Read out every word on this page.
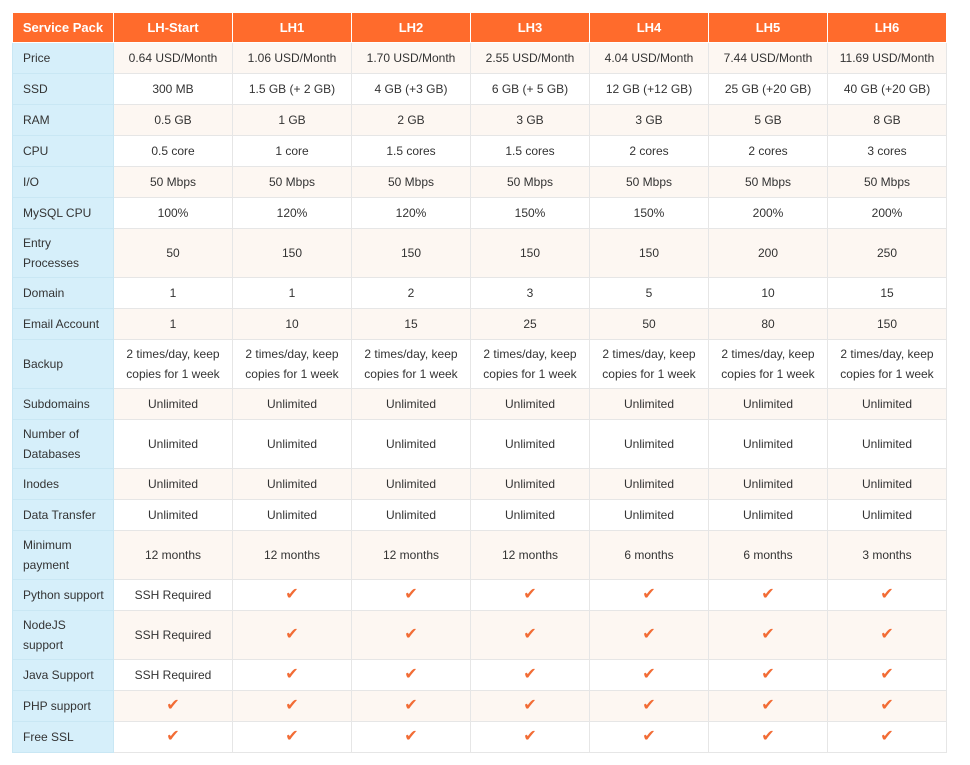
Service Pack	LH-Start	LH1	LH2	LH3	LH4	LH5	LH6
Price	0.64 USD/Month	1.06 USD/Month	1.70 USD/Month	2.55 USD/Month	4.04 USD/Month	7.44 USD/Month	11.69 USD/Month
SSD	300 MB	1.5 GB (+ 2 GB)	4 GB (+3 GB)	6 GB (+ 5 GB)	12 GB (+12 GB)	25 GB (+20 GB)	40 GB (+20 GB)
RAM	0.5 GB	1 GB	2 GB	3 GB	3 GB	5 GB	8 GB
CPU	0.5 core	1 core	1.5 cores	1.5 cores	2 cores	2 cores	3 cores
I/O	50 Mbps	50 Mbps	50 Mbps	50 Mbps	50 Mbps	50 Mbps	50 Mbps
MySQL CPU	100%	120%	120%	150%	150%	200%	200%
Entry Processes	50	150	150	150	150	200	250
Domain	1	1	2	3	5	10	15
Email Account	1	10	15	25	50	80	150
Backup	2 times/day, keep copies for 1 week	2 times/day, keep copies for 1 week	2 times/day, keep copies for 1 week	2 times/day, keep copies for 1 week	2 times/day, keep copies for 1 week	2 times/day, keep copies for 1 week	2 times/day, keep copies for 1 week
Subdomains	Unlimited	Unlimited	Unlimited	Unlimited	Unlimited	Unlimited	Unlimited
Number of Databases	Unlimited	Unlimited	Unlimited	Unlimited	Unlimited	Unlimited	Unlimited
Inodes	Unlimited	Unlimited	Unlimited	Unlimited	Unlimited	Unlimited	Unlimited
Data Transfer	Unlimited	Unlimited	Unlimited	Unlimited	Unlimited	Unlimited	Unlimited
Minimum payment	12 months	12 months	12 months	12 months	6 months	6 months	3 months
Python support	SSH Required	✔	✔	✔	✔	✔	✔
NodeJS support	SSH Required	✔	✔	✔	✔	✔	✔
Java Support	SSH Required	✔	✔	✔	✔	✔	✔
PHP support	✔	✔	✔	✔	✔	✔	✔
Free SSL	✔	✔	✔	✔	✔	✔	✔
